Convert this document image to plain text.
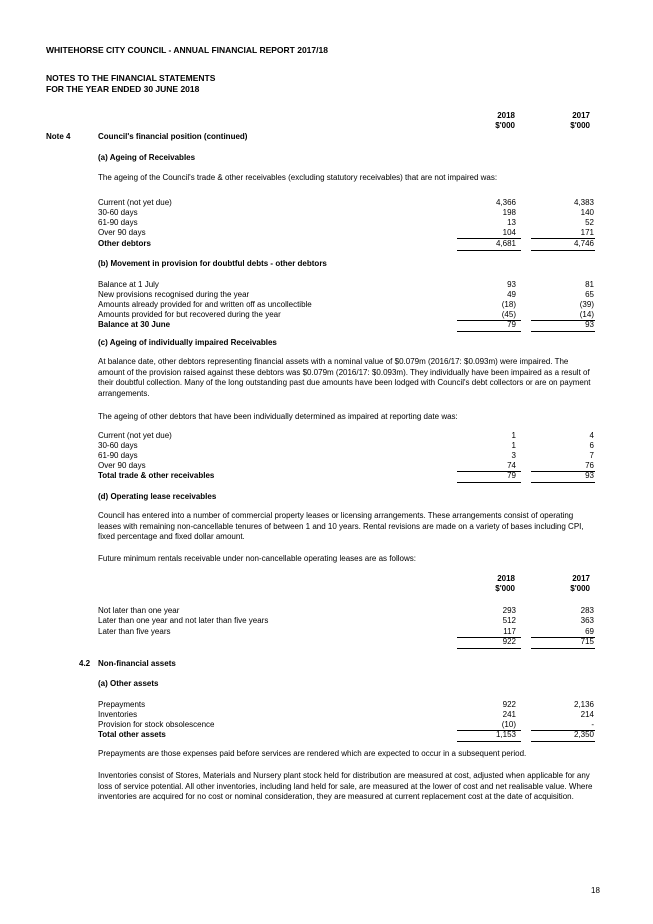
WHITEHORSE CITY COUNCIL - ANNUAL FINANCIAL REPORT 2017/18
NOTES TO THE FINANCIAL STATEMENTS
FOR THE YEAR ENDED 30 JUNE 2018
2018	2017
$'000	$'000
Note 4	Council's financial position (continued)
(a) Ageing of Receivables
The ageing of the Council's trade & other receivables (excluding statutory receivables) that are not impaired was:
Current (not yet due)	4,366	4,383
30-60 days	198	140
61-90 days	13	52
Over 90 days	104	171
Other debtors	4,681	4,746
(b) Movement in provision for doubtful debts - other debtors
Balance at 1 July	93	81
New provisions recognised during the year	49	65
Amounts already provided for and written off as uncollectible	(18)	(39)
Amounts provided for but recovered during the year	(45)	(14)
Balance at 30 June	79	93
(c) Ageing of individually impaired Receivables
At balance date, other debtors representing financial assets with a nominal value of $0.079m (2016/17: $0.093m) were impaired. The amount of the provision raised against these debtors was $0.079m (2016/17: $0.093m). They individually have been impaired as a result of their doubtful collection. Many of the long outstanding past due amounts have been lodged with Council's debt collectors or are on payment arrangements.
The ageing of other debtors that have been individually determined as impaired at reporting date was:
Current (not yet due)	1	4
30-60 days	1	6
61-90 days	3	7
Over 90 days	74	76
Total trade & other receivables	79	93
(d) Operating lease receivables
Council has entered into a number of commercial property leases or licensing arrangements. These arrangements consist of operating leases with remaining non-cancellable tenures of between 1 and 10 years. Rental revisions are made on a variety of bases including CPI, fixed percentage and fixed dollar amount.
Future minimum rentals receivable under non-cancellable operating leases are as follows:
2018	2017
$'000	$'000
Not later than one year	293	283
Later than one year and not later than five years	512	363
Later than five years	117	69
922	715
4.2 Non-financial assets
(a) Other assets
Prepayments	922	2,136
Inventories	241	214
Provision for stock obsolescence	(10)	-
Total other assets	1,153	2,350
Prepayments are those expenses paid before services are rendered which are expected to occur in a subsequent period.
Inventories consist of Stores, Materials and Nursery plant stock held for distribution are measured at cost, adjusted when applicable for any loss of service potential. All other inventories, including land held for sale, are measured at the lower of cost and net realisable value. Where inventories are acquired for no cost or nominal consideration, they are measured at current replacement cost at the date of acquisition.
18
